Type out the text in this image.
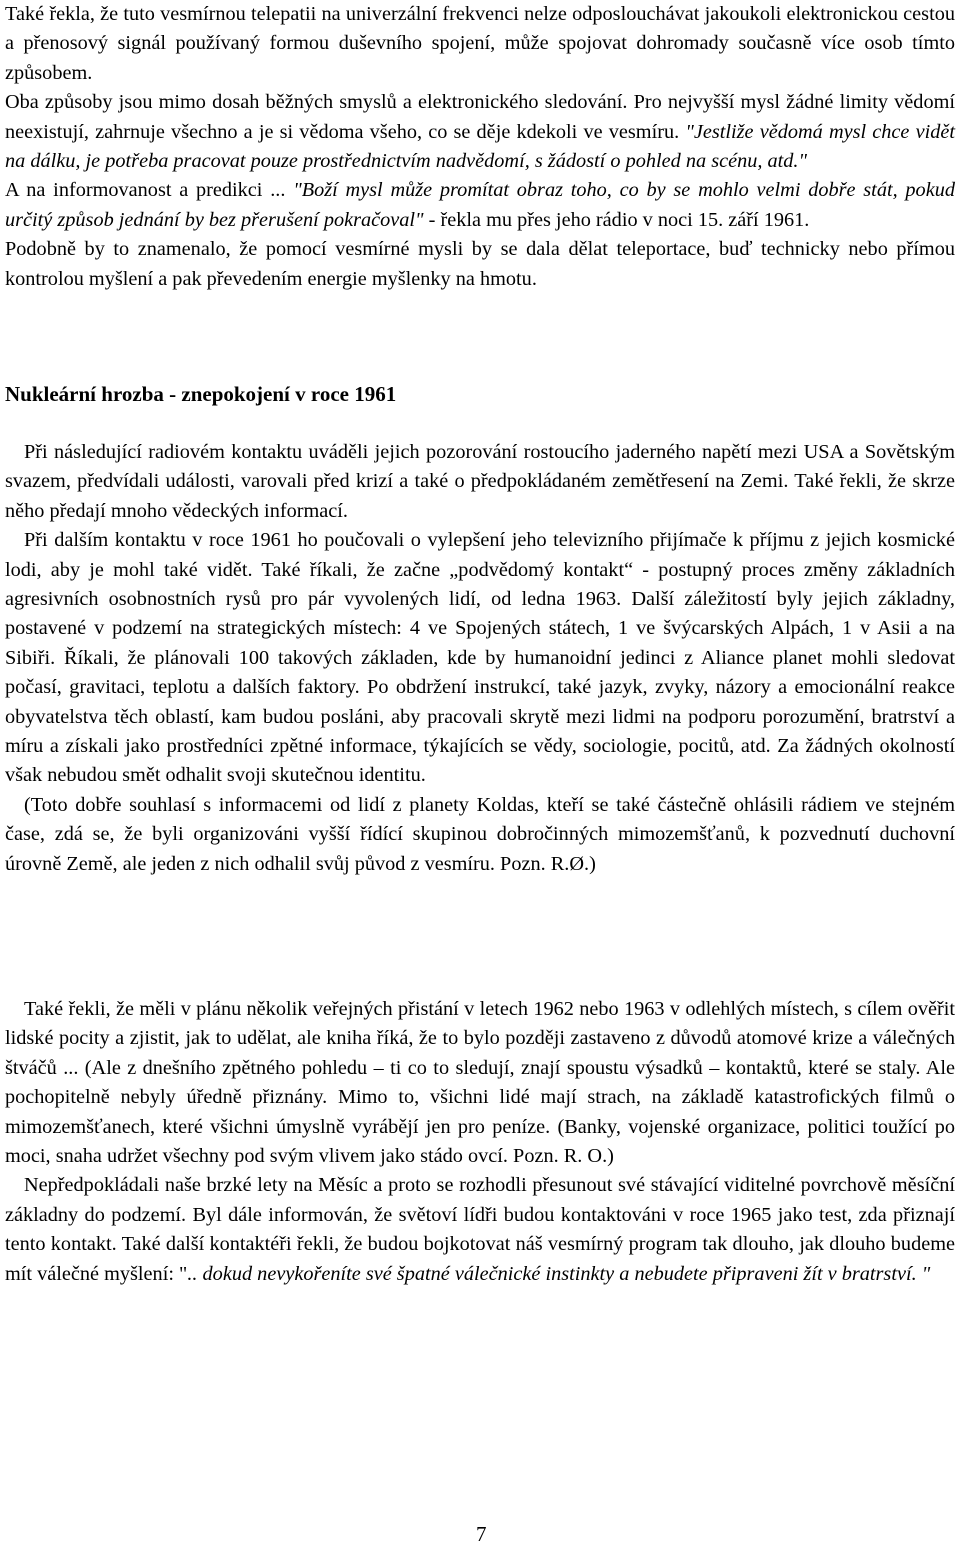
Také řekla, že tuto vesmírnou telepatii na univerzální frekvenci nelze odposlouchávat jakoukoli elektronickou cestou a přenosový signál používaný formou duševního spojení, může spojovat dohromady současně více osob tímto způsobem.

Oba způsoby jsou mimo dosah běžných smyslů a elektronického sledování. Pro nejvyšší mysl žádné limity vědomí neexistují, zahrnuje všechno a je si vědoma všeho, co se děje kdekoli ve vesmíru. "Jestliže vědomá mysl chce vidět na dálku, je potřeba pracovat pouze prostřednictvím nadvědomí, s žádostí o pohled na scénu, atd."

A na informovanost a predikci ... "Boží mysl může promítat obraz toho, co by se mohlo velmi dobře stát, pokud určitý způsob jednání by bez přerušení pokračoval" - řekla mu přes jeho rádio v noci 15. září 1961.

Podobně by to znamenalo, že pomocí vesmírné mysli by se dala dělat teleportace, buď technicky nebo přímou kontrolou myšlení a pak převedením energie myšlenky na hmotu.

Nukleární hrozba - znepokojení v roce 1961

Při následující radiovém kontaktu uváděli jejich pozorování rostoucího jaderného napětí mezi USA a Sovětským svazem, předvídali události, varovali před krizí a také o předpokládaném zemětřesení na Zemi. Také řekli, že skrze něho předají mnoho vědeckých informací.

Při dalším kontaktu v roce 1961 ho poučovali o vylepšení jeho televizního přijímače k příjmu z jejich kosmické lodi, aby je mohl také vidět. Také říkali, že začne „podvědomý kontakt“ - postupný proces změny základních agresivních osobnostních rysů pro pár vyvolených lidí, od ledna 1963. Další záležitostí byly jejich základny, postavené v podzemí na strategických místech: 4 ve Spojených státech, 1 ve švýcarských Alpách, 1 v Asii a na Sibiři. Říkali, že plánovali 100 takových základen, kde by humanoidní jedinci z Aliance planet mohli sledovat počasí, gravitaci, teplotu a dalších faktory. Po obdržení instrukcí, také jazyk, zvyky, názory a emocionální reakce obyvatelstva těch oblastí, kam budou posláni, aby pracovali skrytě mezi lidmi na podporu porozumění, bratrství a míru a získali jako prostředníci zpětné informace, týkajících se vědy, sociologie, pocitů, atd. Za žádných okolností však nebudou smět odhalit svoji skutečnou identitu.

(Toto dobře souhlasí s informacemi od lidí z planety Koldas, kteří se také částečně ohlásili rádiem ve stejném čase, zdá se, že byli organizováni vyšší řídící skupinou dobročinných mimozemšťanů, k pozvednutí duchovní úrovně Země, ale jeden z nich odhalil svůj původ z vesmíru. Pozn. R.Ø.)

Také řekli, že měli v plánu několik veřejných přistání v letech 1962 nebo 1963 v odlehlých místech, s cílem ověřit lidské pocity a zjistit, jak to udělat, ale kniha říká, že to bylo později zastaveno z důvodů atomové krize a válečných štváčů ... (Ale z dnešního zpětného pohledu – ti co to sledují, znají spoustu výsadků – kontaktů, které se staly. Ale pochopitelně nebyly úředně přiznány. Mimo to, všichni lidé mají strach, na základě katastrofických filmů o mimozemšťanech, které všichni úmyslně vyrábějí jen pro peníze. (Banky, vojenské organizace, politici toužící po moci, snaha udržet všechny pod svým vlivem jako stádo ovcí. Pozn. R. O.)

Nepředpokládali naše brzké lety na Měsíc a proto se rozhodli přesunout své stávající viditelné povrchově měsíční základny do podzemí. Byl dále informován, že světoví lídři budou kontaktováni v roce 1965 jako test, zda přiznají tento kontakt. Také další kontaktéři řekli, že budou bojkotovat náš vesmírný program tak dlouho, jak dlouho budeme mít válečné myšlení: ".. dokud nevykořeníte své špatné válečnické instinkty a nebudete připraveni žít v bratrství. "

7
